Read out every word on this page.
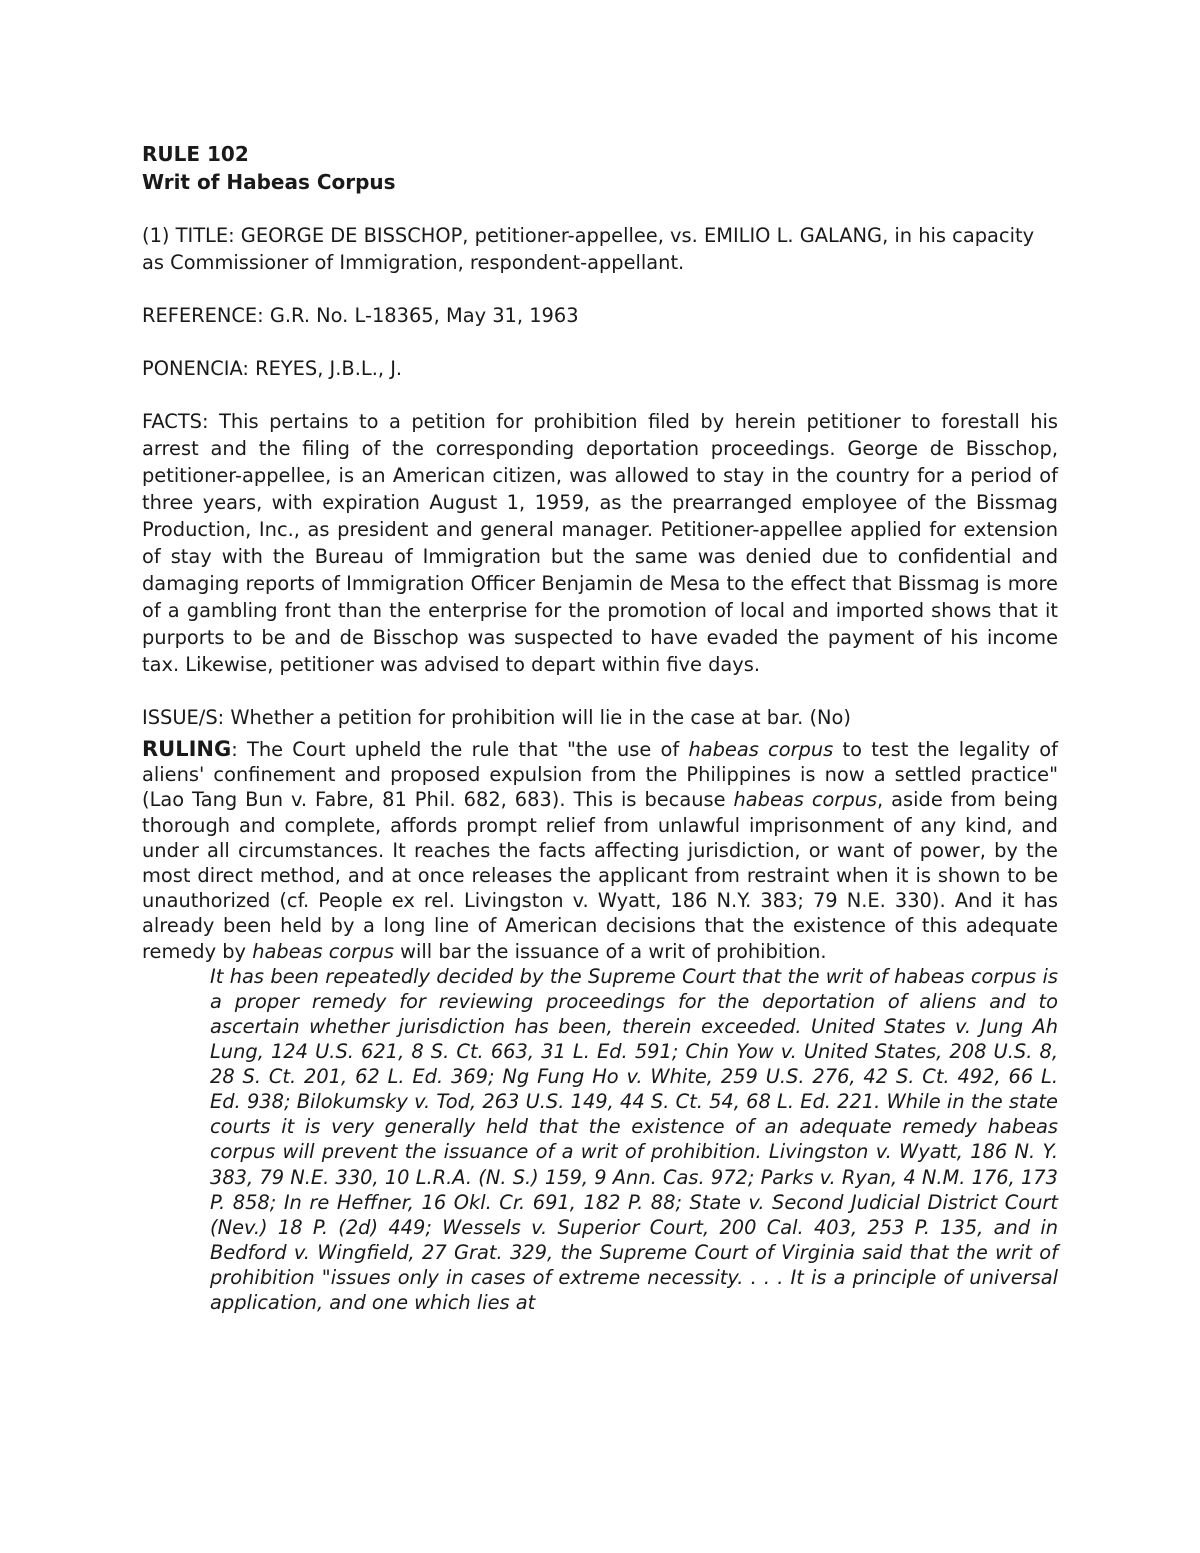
RULE 102

Writ of Habeas Corpus

(1) TITLE: GEORGE DE BISSCHOP, petitioner-appellee, vs. EMILIO L. GALANG, in his capacity as Commissioner of Immigration, respondent-appellant.

REFERENCE: G.R. No. L-18365, May 31, 1963

PONENCIA: REYES, J.B.L., J.

FACTS: This pertains to a petition for prohibition filed by herein petitioner to forestall his arrest and the filing of the corresponding deportation proceedings. George de Bisschop, petitioner-appellee, is an American citizen, was allowed to stay in the country for a period of three years, with expiration August 1, 1959, as the prearranged employee of the Bissmag Production, Inc., as president and general manager. Petitioner-appellee applied for extension of stay with the Bureau of Immigration but the same was denied due to confidential and damaging reports of Immigration Officer Benjamin de Mesa to the effect that Bissmag is more of a gambling front than the enterprise for the promotion of local and imported shows that it purports to be and de Bisschop was suspected to have evaded the payment of his income tax. Likewise, petitioner was advised to depart within five days.

ISSUE/S: Whether a petition for prohibition will lie in the case at bar. (No)

RULING: The Court upheld the rule that "the use of habeas corpus to test the legality of aliens' confinement and proposed expulsion from the Philippines is now a settled practice" (Lao Tang Bun v. Fabre, 81 Phil. 682, 683). This is because habeas corpus, aside from being thorough and complete, affords prompt relief from unlawful imprisonment of any kind, and under all circumstances. It reaches the facts affecting jurisdiction, or want of power, by the most direct method, and at once releases the applicant from restraint when it is shown to be unauthorized (cf. People ex rel. Livingston v. Wyatt, 186 N.Y. 383; 79 N.E. 330). And it has already been held by a long line of American decisions that the existence of this adequate remedy by habeas corpus will bar the issuance of a writ of prohibition.

It has been repeatedly decided by the Supreme Court that the writ of habeas corpus is a proper remedy for reviewing proceedings for the deportation of aliens and to ascertain whether jurisdiction has been, therein exceeded. United States v. Jung Ah Lung, 124 U.S. 621, 8 S. Ct. 663, 31 L. Ed. 591; Chin Yow v. United States, 208 U.S. 8, 28 S. Ct. 201, 62 L. Ed. 369; Ng Fung Ho v. White, 259 U.S. 276, 42 S. Ct. 492, 66 L. Ed. 938; Bilokumsky v. Tod, 263 U.S. 149, 44 S. Ct. 54, 68 L. Ed. 221. While in the state courts it is very generally held that the existence of an adequate remedy habeas corpus will prevent the issuance of a writ of prohibition. Livingston v. Wyatt, 186 N. Y. 383, 79 N.E. 330, 10 L.R.A. (N. S.) 159, 9 Ann. Cas. 972; Parks v. Ryan, 4 N.M. 176, 173 P. 858; In re Heffner, 16 Okl. Cr. 691, 182 P. 88; State v. Second Judicial District Court (Nev.) 18 P. (2d) 449; Wessels v. Superior Court, 200 Cal. 403, 253 P. 135, and in Bedford v. Wingfield, 27 Grat. 329, the Supreme Court of Virginia said that the writ of prohibition "issues only in cases of extreme necessity. . . . It is a principle of universal application, and one which lies at
